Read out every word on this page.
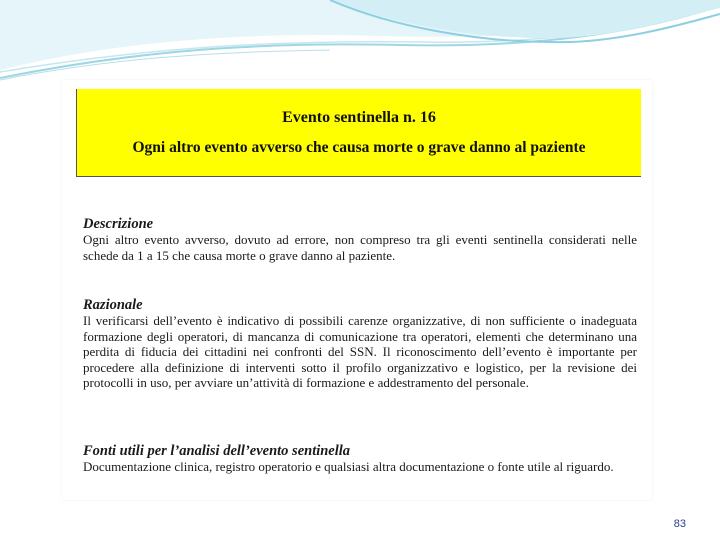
Evento sentinella n. 16
Ogni altro evento avverso che causa morte o grave danno al paziente
Descrizione
Ogni altro evento avverso, dovuto ad errore, non compreso tra gli eventi sentinella considerati nelle schede da 1 a 15 che causa morte o grave danno al paziente.
Razionale
Il verificarsi dell’evento è indicativo di possibili carenze organizzative, di non sufficiente o inadeguata formazione degli operatori, di mancanza di comunicazione tra operatori, elementi che determinano una perdita di fiducia dei cittadini nei confronti del SSN. Il riconoscimento dell’evento è importante per procedere alla definizione di interventi sotto il profilo organizzativo e logistico, per la revisione dei protocolli in uso, per avviare un’attività di formazione e addestramento del personale.
Fonti utili per l’analisi dell’evento sentinella
Documentazione clinica, registro operatorio e qualsiasi altra documentazione o fonte utile al riguardo.
83
